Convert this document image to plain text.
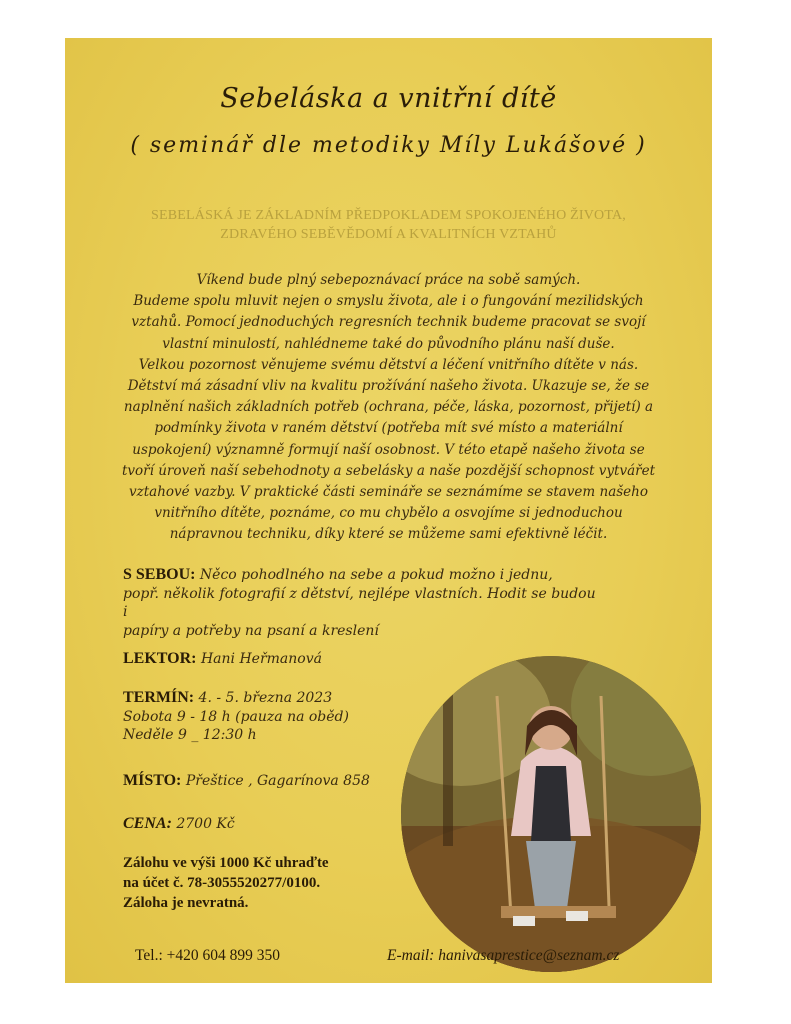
Sebeláska a vnitřní dítě
( seminář dle metodiky Míly Lukášové )
SEBELÁSKÁ JE ZÁKLADNÍM PŘEDPOKLADEM SPOKOJENÉHO ŽIVOTA,
ZDRAVÉHO SEBĚVĚDOMÍ A KVALITNÍCH VZTAHŮ
Víkend bude plný sebepoznávací práce na sobě samých.
Budeme spolu mluvit nejen o smyslu života, ale i o fungování mezilidských
vztahů. Pomocí jednoduchých regresních technik budeme pracovat se svojí
vlastní minulostí, nahlédneme také do původního plánu naší duše.
Velkou pozornost věnujeme svému dětství a léčení vnitřního dítěte v nás.
Dětství má zásadní vliv na kvalitu prožívání našeho života. Ukazuje se, že se
naplnění našich základních potřeb (ochrana, péče, láska, pozornost, přijetí) a
podmínky života v raném dětství (potřeba mít své místo a materiální
uspokojení) významně formují naší osobnost. V této etapě našeho života se
tvoří úroveň naší sebehodnoty a sebelásky a naše pozdější schopnost vytvářet
vztahové vazby. V praktické části semináře se seznámíme se stavem našeho
vnitřního dítěte, poznáme, co mu chybělo a osvojíme si jednoduchou
nápravnou techniku, díky které se můžeme sami efektivně léčit.
S SEBOU: Něco pohodlného na sebe a pokud možno i jednu,
popř. několik fotografií z dětství, nejlépe vlastních. Hodit se budou i
papíry a potřeby na psaní a kreslení
LEKTOR: Hani Heřmanová
TERMÍN: 4. - 5. března 2023
Sobota 9 - 18 h (pauza na oběd)
Neděle 9 _ 12:30 h
MÍSTO: Přeštice , Gagarínova 858
CENA: 2700 Kč
Zálohu ve výši 1000 Kč uhraďte
na účet č. 78-3055520277/0100.
Záloha je nevratná.
Tel.: +420 604 899 350	E-mail: hanivasaprestice@seznam.cz
